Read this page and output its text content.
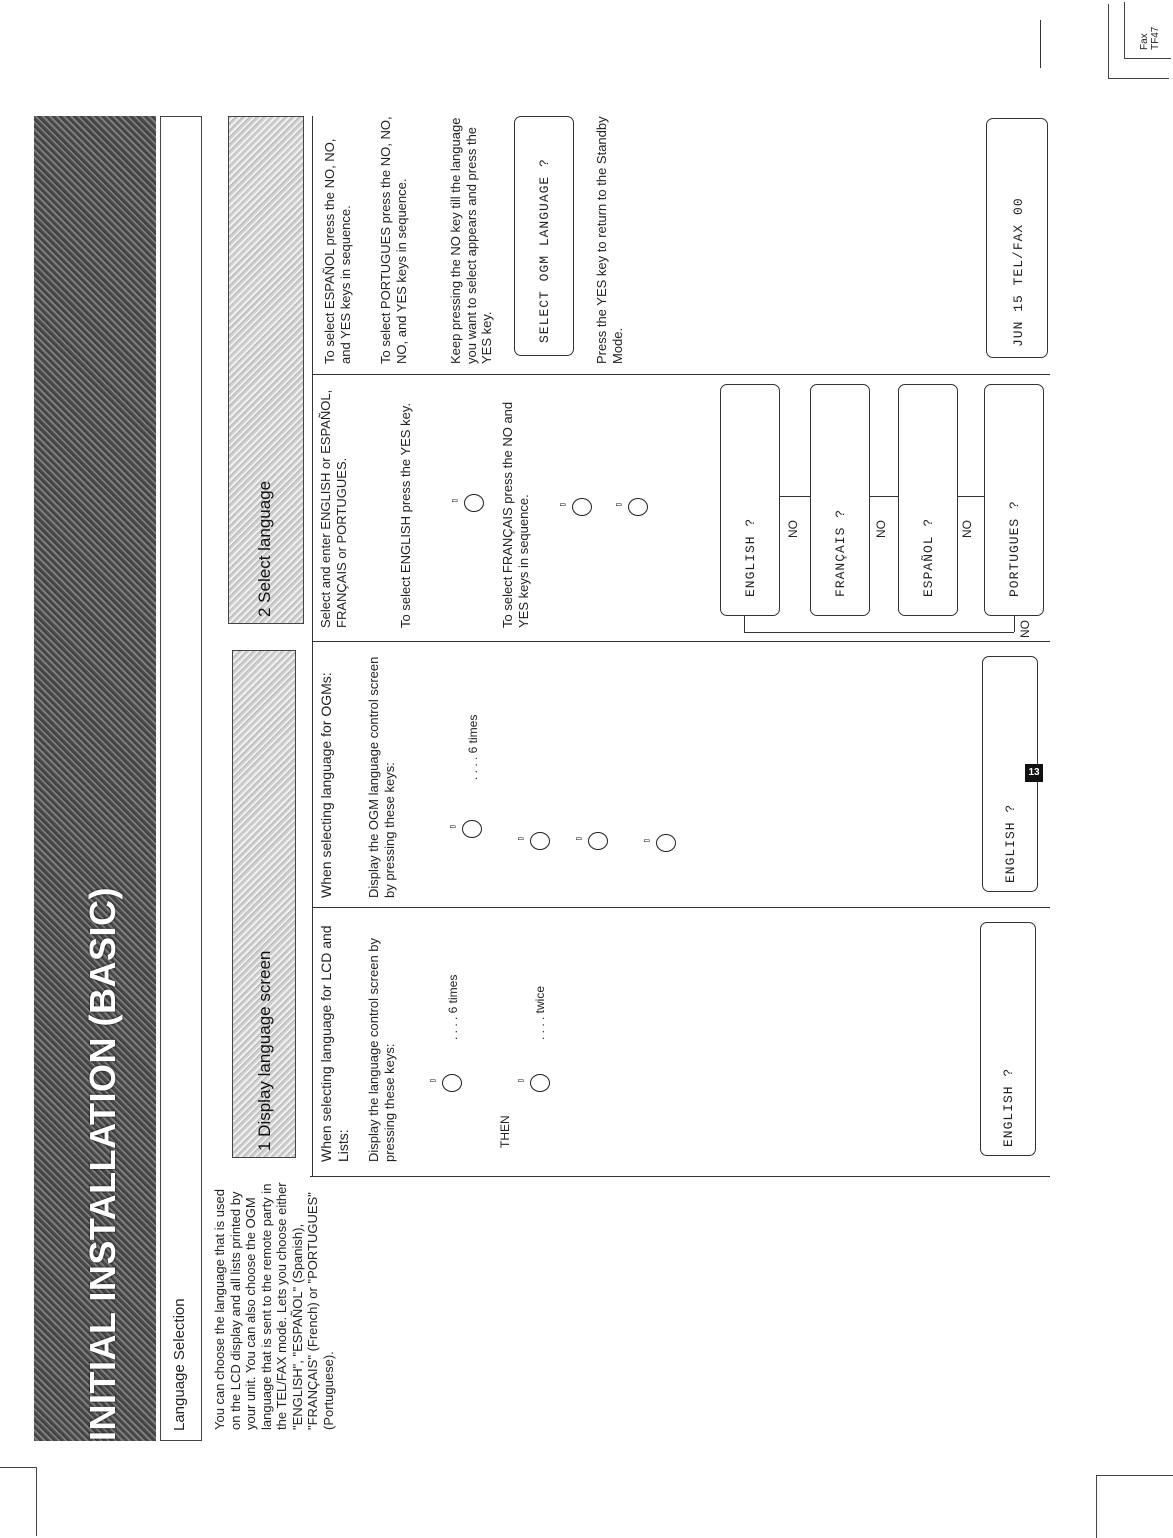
Fax TF47
INITIAL INSTALLATION (BASIC)	Language Selection You can choose the language that is used on the LCD display and all lists printed by your unit. You can also choose the OGM language that is sent to the remote party in the TEL/FAX mode. Lets you choose either "ENGLISH", "ESPAÑOL" (Spanish), "FRANÇAIS" (French) or "PORTUGUES" (Portuguese).
1 Display language screen	When selecting language for LCD and Lists: Display the language control screen by pressing these keys:	▭
. . . . 6 times
THEN
▭
. . . . twice
ENGLISH ?
When selecting language for OGMs: Display the OGM language control screen by pressing these keys:	▭
. . . . 6 times
▭	▭	▭	ENGLISH ?
13
2 Select language	Select and enter ENGLISH or ESPAÑOL, FRANÇAIS or PORTUGUES.	To select ENGLISH press the YES key.	▭	To select FRANÇAIS press the NO and YES keys in sequence.	▭	▭
To select ESPAÑOL press the NO, NO, and YES keys in sequence. To select PORTUGUES press the NO, NO, NO, and YES keys in sequence.	Keep pressing the NO key till the language you want to select appears and press the YES key.	SELECT OGM LANGUAGE ?	Press the YES key to return to the Standby Mode.	JUN 15 TEL/FAX 00
ENGLISH ? NO	FRANÇAIS ? NO	ESPAÑOL ? NO	PORTUGUES ?
NO
